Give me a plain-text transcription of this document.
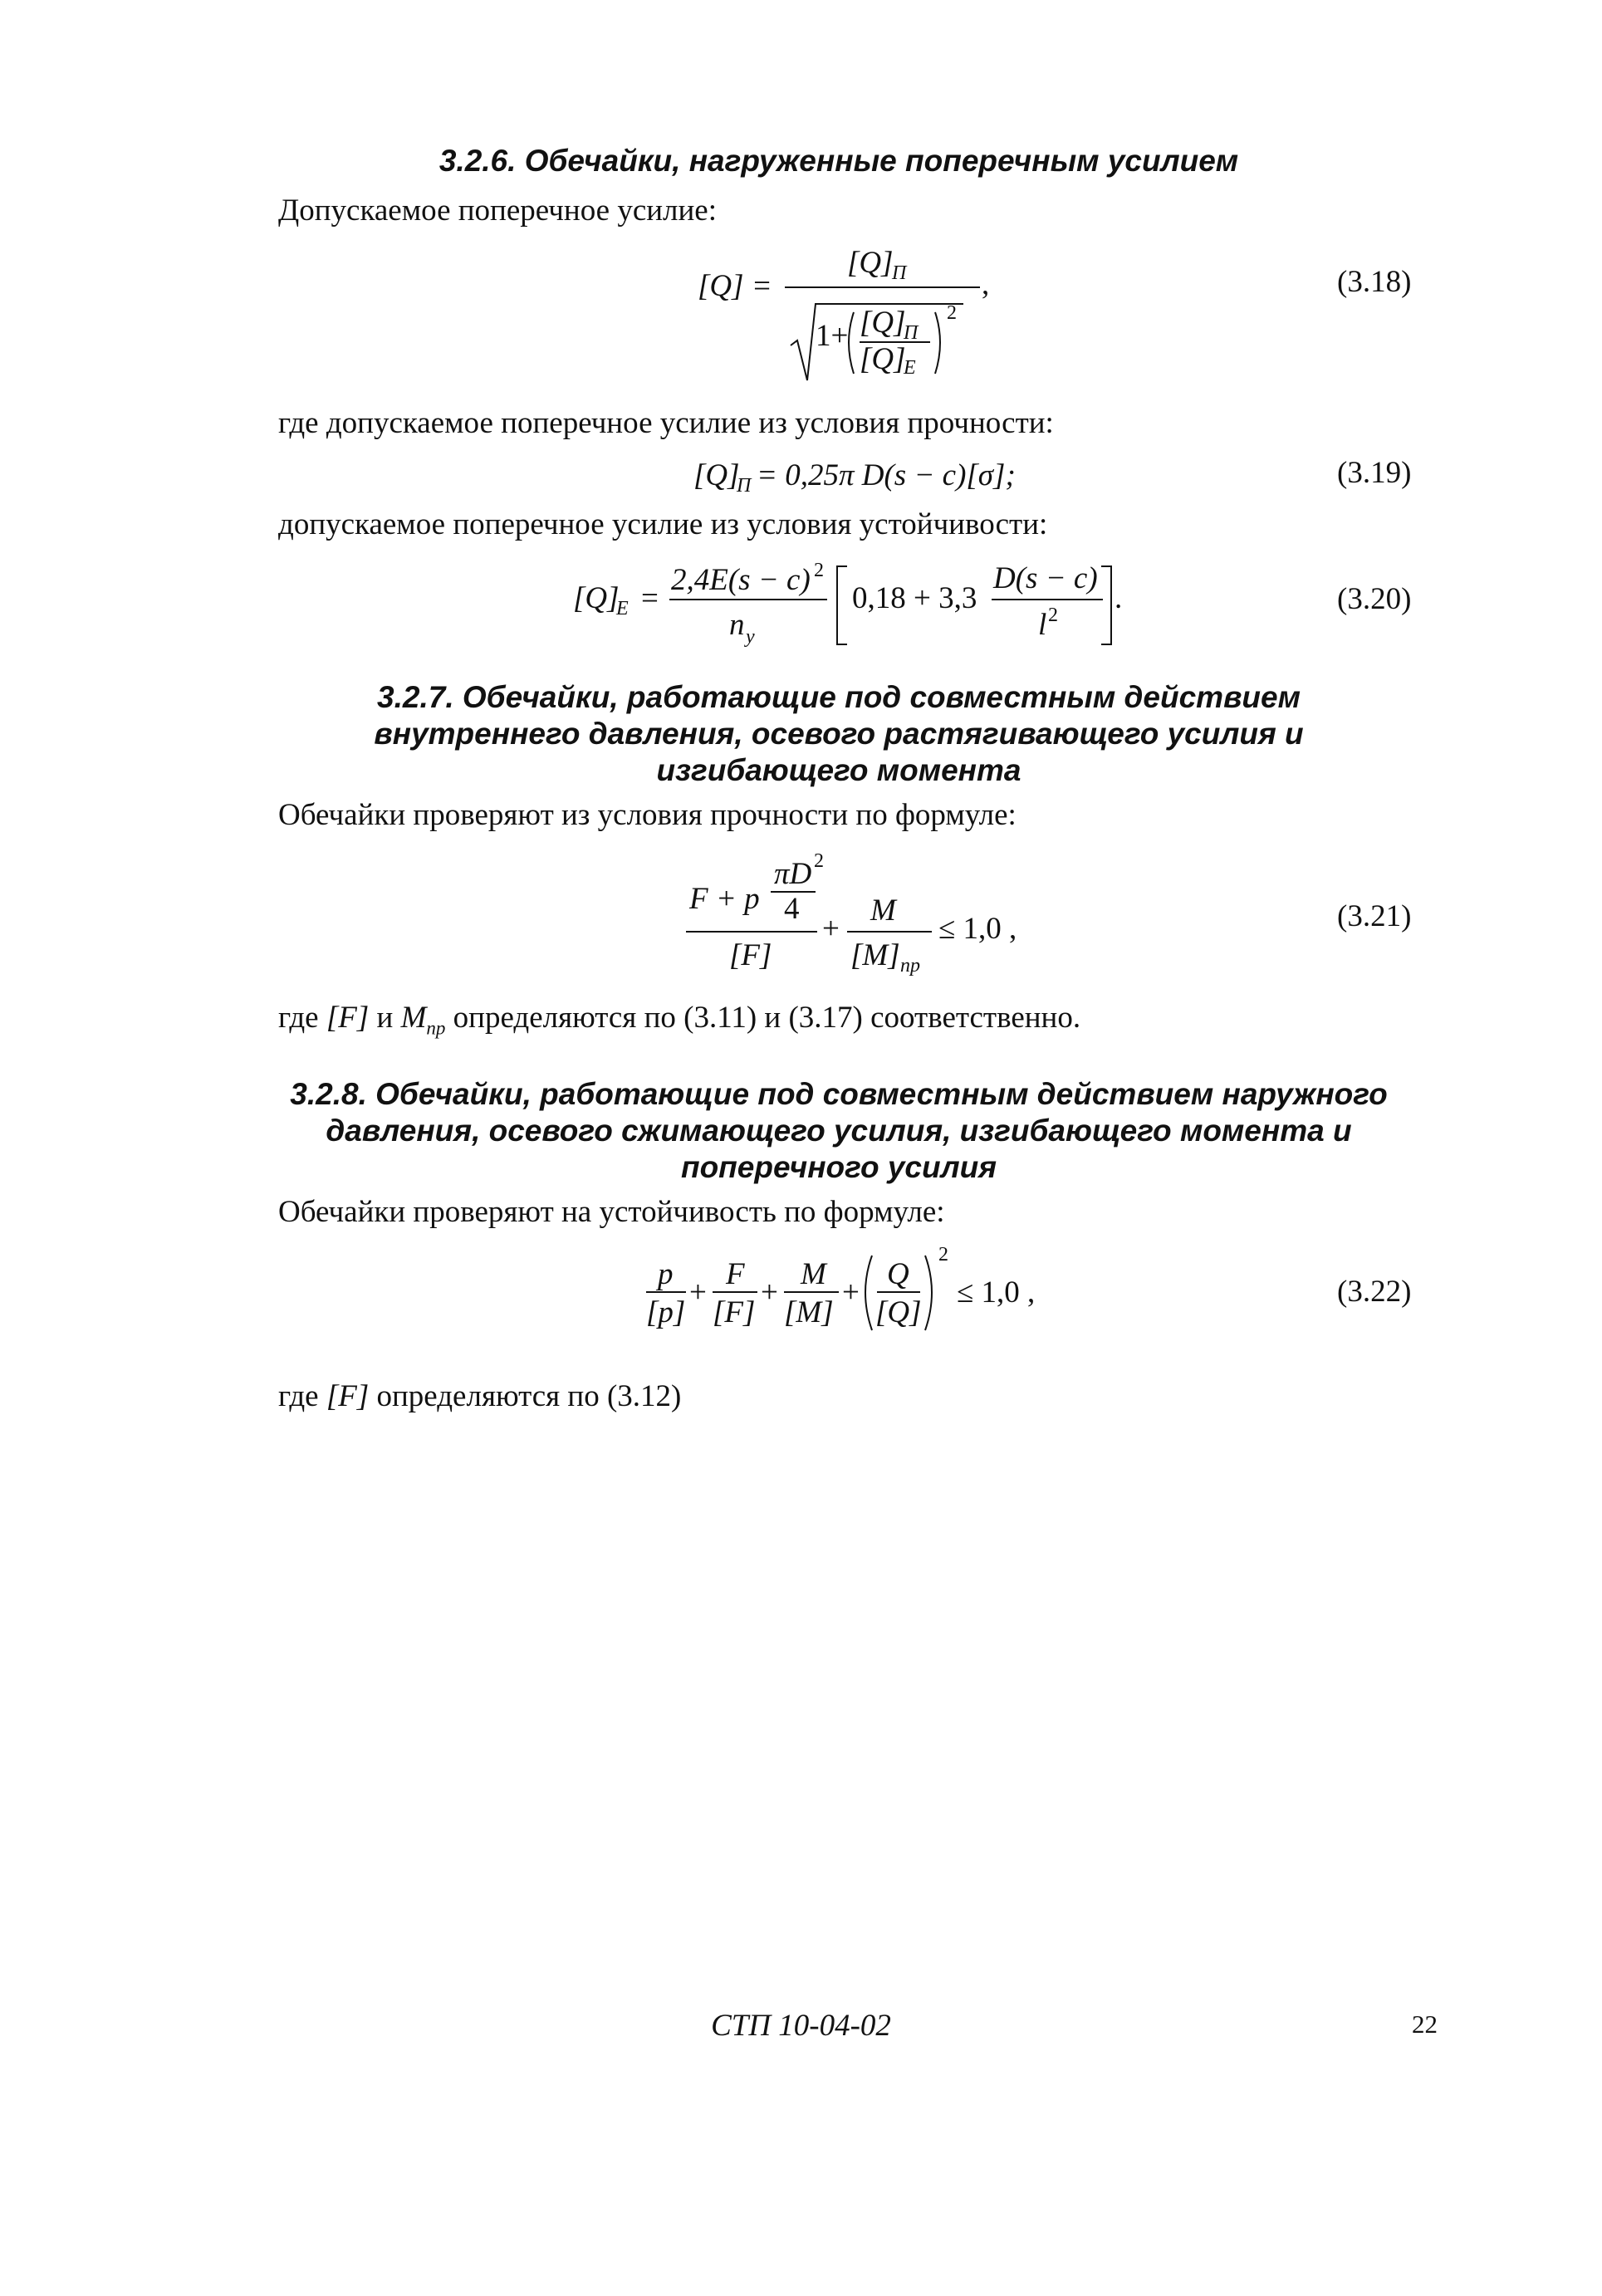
3.2.6. Обечайки, нагруженные поперечным усилием
Допускаемое поперечное усилие:
[Q] =
[Q]
П ,
1+ [Q]
П
[Q]
E
2
(3.18)
где допускаемое поперечное усилие из условия прочности:
[Q]
П = 0,25π D(s − c)[σ];	(3.19)
допускаемое поперечное усилие из условия устойчивости:
[Q]
E =
2,4E(s − c) 2
n y
0,18 + 3,3
D(s − c)
l 2 .	(3.20)
3.2.7. Обечайки, работающие под совместным действием
внутреннего давления, осевого растягивающего усилия и
изгибающего момента
Обечайки проверяют из условия прочности по формуле:
F + p
πD 2
4
[F]
+
M
[M] пр
≤ 1,0 ,	(3.21)
где [F] и $M_{пр}$ определяются по (3.11) и (3.17) соответственно.
3.2.8. Обечайки, работающие под совместным действием наружного
давления, осевого сжимающего усилия, изгибающего момента и
поперечного усилия
Обечайки проверяют на устойчивость по формуле:
p
[p]
+
F
[F]
+
M
[M]
+
Q
[Q]
2
≤ 1,0 ,	(3.22)
где [F] определяются по (3.12)
СТП 10-04-02	22
